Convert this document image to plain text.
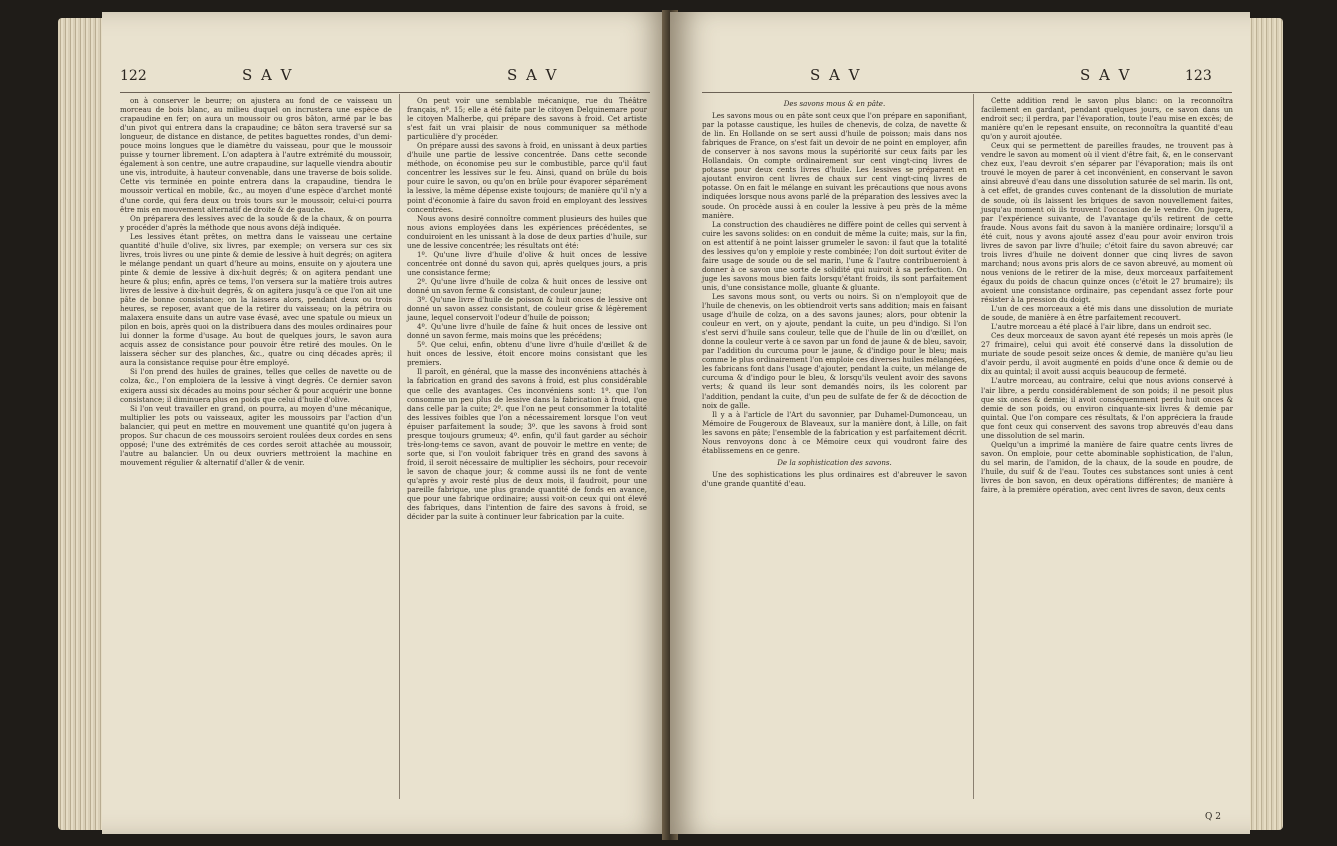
122	S A V	S A V

on à conserver le beurre; on ajustera au fond de ce vaisseau un morceau de bois blanc, au milieu duquel on incrustera une espèce de crapaudine en fer; on aura un moussoir ou gros bâton, armé par le bas d'un pivot qui entrera dans la crapaudine; ce bâton sera traversé sur sa longueur, de distance en distance, de petites baguettes rondes, d'un demi-pouce moins longues que le diamètre du vaisseau, pour que le moussoir puisse y tourner librement. L'on adaptera à l'autre extrémité du moussoir, également à son centre, une autre crapaudine, sur laquelle viendra aboutir une vis, introduite, à hauteur convenable, dans une traverse de bois solide. Cette vis terminée en pointe entrera dans la crapaudine, tiendra le moussoir vertical en mobile, &c., au moyen d'une espèce d'archet monté d'une corde, qui fera deux ou trois tours sur le moussoir, celui-ci pourra être mis en mouvement alternatif de droite & de gauche.

On préparera des lessives avec de la soude & de la chaux, & on pourra y procéder d'après la méthode que nous avons déjà indiquée.

Les lessives étant prêtes, on mettra dans le vaisseau une certaine quantité d'huile d'olive, six livres, par exemple; on versera sur ces six livres, trois livres ou une pinte & demie de lessive à huit degrés; on agitera le mélange pendant un quart d'heure au moins, ensuite on y ajoutera une pinte & demie de lessive à dix-huit degrés; & on agitera pendant une heure & plus; enfin, après ce tems, l'on versera sur la matière trois autres livres de lessive à dix-huit degrés, & on agitera jusqu'à ce que l'on ait une pâte de bonne consistance; on la laissera alors, pendant deux ou trois heures, se reposer, avant que de la retirer du vaisseau; on la pétrira ou malaxera ensuite dans un autre vase évasé, avec une spatule ou mieux un pilon en bois, après quoi on la distribuera dans des moules ordinaires pour lui donner la forme d'usage. Au bout de quelques jours, le savon aura acquis assez de consistance pour pouvoir être retiré des moules. On le laissera sécher sur des planches, &c., quatre ou cinq décades après; il aura la consistance requise pour être employé.

Si l'on prend des huiles de graines, telles que celles de navette ou de colza, &c., l'on emploiera de la lessive à vingt degrés. Ce dernier savon exigera aussi six décades au moins pour sécher & pour acquérir une bonne consistance; il diminuera plus en poids que celui d'huile d'olive.

Si l'on veut travailler en grand, on pourra, au moyen d'une mécanique, multiplier les pots ou vaisseaux, agiter les moussoirs par l'action d'un balancier, qui peut en mettre en mouvement une quantité qu'on jugera à propos. Sur chacun de ces moussoirs seroient roulées deux cordes en sens opposé; l'une des extrémités de ces cordes seroit attachée au moussoir, l'autre au balancier. Un ou deux ouvriers mettroient la machine en mouvement régulier & alternatif d'aller & de venir.

On peut voir une semblable mécanique, rue du Théâtre français, nº. 15; elle a été faite par le citoyen Delquinemare pour le citoyen Malherbe, qui prépare des savons à froid. Cet artiste s'est fait un vrai plaisir de nous communiquer sa méthode particulière d'y procéder.

On prépare aussi des savons à froid, en unissant à deux parties d'huile une partie de lessive concentrée. Dans cette seconde méthode, on économise peu sur le combustible, parce qu'il faut concentrer les lessives sur le feu. Ainsi, quand on brûle du bois pour cuire le savon, ou qu'on en brûle pour évaporer séparément la lessive, la même dépense existe toujours; de manière qu'il n'y a point d'économie à faire du savon froid en employant des lessives concentrées.

Nous avons desiré connoître comment plusieurs des huiles que nous avions employées dans les expériences précédentes, se conduiroient en les unissant à la dose de deux parties d'huile, sur une de lessive concentrée; les résultats ont été:

1º. Qu'une livre d'huile d'olive & huit onces de lessive concentrée ont donné du savon qui, après quelques jours, a pris une consistance ferme;

2º. Qu'une livre d'huile de colza & huit onces de lessive ont donné un savon ferme & consistant, de couleur jaune;

3º. Qu'une livre d'huile de poisson & huit onces de lessive ont donné un savon assez consistant, de couleur grise & légèrement jaune, lequel conservoit l'odeur d'huile de poisson;

4º. Qu'une livre d'huile de faîne & huit onces de lessive ont donné un savon ferme, mais moins que les précédens;

5º. Que celui, enfin, obtenu d'une livre d'huile d'œillet & de huit onces de lessive, étoit encore moins consistant que les premiers.

Il paroît, en général, que la masse des inconvéniens attachés à la fabrication en grand des savons à froid, est plus considérable que celle des avantages. Ces inconvéniens sont: 1º. que l'on consomme un peu plus de lessive dans la fabrication à froid, que dans celle par la cuite; 2º. que l'on ne peut consommer la totalité des lessives foibles que l'on a nécessairement lorsque l'on veut épuiser parfaitement la soude; 3º. que les savons à froid sont presque toujours grumeux; 4º. enfin, qu'il faut garder au séchoir très-long-tems ce savon, avant de pouvoir le mettre en vente; de sorte que, si l'on vouloit fabriquer très en grand des savons à froid, il seroit nécessaire de multiplier les séchoirs, pour recevoir le savon de chaque jour; & comme aussi ils ne font de vente qu'après y avoir resté plus de deux mois, il faudroit, pour une pareille fabrique, une plus grande quantité de fonds en avance, que pour une fabrique ordinaire; aussi voit-on ceux qui ont élevé des fabriques, dans l'intention de faire des savons à froid, se décider par la suite à continuer leur fabrication par la cuite.

S A V	S A V	123

Des savons mous & en pâte.

Les savons mous ou en pâte sont ceux que l'on prépare en saponifiant, par la potasse caustique, les huiles de chenevis, de colza, de navette & de lin. En Hollande on se sert aussi d'huile de poisson; mais dans nos fabriques de France, on s'est fait un devoir de ne point en employer, afin de conserver à nos savons mous la supériorité sur ceux faits par les Hollandais. On compte ordinairement sur cent vingt-cinq livres de potasse pour deux cents livres d'huile. Les lessives se préparent en ajoutant environ cent livres de chaux sur cent vingt-cinq livres de potasse. On en fait le mélange en suivant les précautions que nous avons indiquées lorsque nous avons parlé de la préparation des lessives avec la soude. On procède aussi à en couler la lessive à peu près de la même manière.

La construction des chaudières ne diffère point de celles qui servent à cuire les savons solides: on en conduit de même la cuite; mais, sur la fin, on est attentif à ne point laisser grumeler le savon: il faut que la totalité des lessives qu'on y emploie y reste combinée; l'on doit surtout éviter de faire usage de soude ou de sel marin, l'une & l'autre contribueroient à donner à ce savon une sorte de solidité qui nuiroit à sa perfection. On juge les savons mous bien faits lorsqu'étant froids, ils sont parfaitement unis, d'une consistance molle, gluante & gluante.

Les savons mous sont, ou verts ou noirs. Si on n'employoit que de l'huile de chenevis, on les obtiendroit verts sans addition; mais en faisant usage d'huile de colza, on a des savons jaunes; alors, pour obtenir la couleur en vert, on y ajoute, pendant la cuite, un peu d'indigo. Si l'on s'est servi d'huile sans couleur, telle que de l'huile de lin ou d'œillet, on donne la couleur verte à ce savon par un fond de jaune & de bleu, savoir, par l'addition du curcuma pour le jaune, & d'indigo pour le bleu; mais comme le plus ordinairement l'on emploie ces diverses huiles mélangées, les fabricans font dans l'usage d'ajouter, pendant la cuite, un mélange de curcuma & d'indigo pour le bleu, & lorsqu'ils veulent avoir des savons verts; & quand ils leur sont demandés noirs, ils les colorent par l'addition, pendant la cuite, d'un peu de sulfate de fer & de décoction de noix de galle.

Il y a à l'article de l'Art du savonnier, par Duhamel-Dumonceau, un Mémoire de Fougeroux de Blaveaux, sur la manière dont, à Lille, on fait les savons en pâte; l'ensemble de la fabrication y est parfaitement décrit. Nous renvoyons donc à ce Mémoire ceux qui voudront faire des établissemens en ce genre.

De la sophistication des savons.

Une des sophistications les plus ordinaires est d'abreuver le savon d'une grande quantité d'eau.

Cette addition rend le savon plus blanc: on la reconnoîtra facilement en gardant, pendant quelques jours, ce savon dans un endroit sec; il perdra, par l'évaporation, toute l'eau mise en excès; de manière qu'en le repesant ensuite, on reconnoîtra la quantité d'eau qu'on y auroit ajoutée.

Ceux qui se permettent de pareilles fraudes, ne trouvent pas à vendre le savon au moment où il vient d'être fait, &, en le conservant chez eux, l'eau devroit s'en séparer par l'évaporation; mais ils ont trouvé le moyen de parer à cet inconvénient, en conservant le savon ainsi abreuvé d'eau dans une dissolution saturée de sel marin. Ils ont, à cet effet, de grandes cuves contenant de la dissolution de muriate de soude, où ils laissent les briques de savon nouvellement faites, jusqu'au moment où ils trouvent l'occasion de le vendre. On jugera, par l'expérience suivante, de l'avantage qu'ils retirent de cette fraude. Nous avons fait du savon à la manière ordinaire; lorsqu'il a été cuit, nous y avons ajouté assez d'eau pour avoir environ trois livres de savon par livre d'huile; c'étoit faire du savon abreuvé; car trois livres d'huile ne doivent donner que cinq livres de savon marchand; nous avons pris alors de ce savon abreuvé, au moment où nous venions de le retirer de la mise, deux morceaux parfaitement égaux du poids de chacun quinze onces (c'étoit le 27 brumaire); ils avoient une consistance ordinaire, pas cependant assez forte pour résister à la pression du doigt.

L'un de ces morceaux a été mis dans une dissolution de muriate de soude, de manière à en être parfaitement recouvert.

L'autre morceau a été placé à l'air libre, dans un endroit sec.

Ces deux morceaux de savon ayant été repesés un mois après (le 27 frimaire), celui qui avoit été conservé dans la dissolution de muriate de soude pesoit seize onces & demie, de manière qu'au lieu d'avoir perdu, il avoit augmenté en poids d'une once & demie ou de dix au quintal; il avoit aussi acquis beaucoup de fermeté.

L'autre morceau, au contraire, celui que nous avions conservé à l'air libre, a perdu considérablement de son poids; il ne pesoit plus que six onces & demie; il avoit conséquemment perdu huit onces & demie de son poids, ou environ cinquante-six livres & demie par quintal. Que l'on compare ces résultats, & l'on appréciera la fraude que font ceux qui conservent des savons trop abreuvés d'eau dans une dissolution de sel marin.

Quelqu'un a imprimé la manière de faire quatre cents livres de savon. On emploie, pour cette abominable sophistication, de l'alun, du sel marin, de l'amidon, de la chaux, de la soude en poudre, de l'huile, du suif & de l'eau. Toutes ces substances sont unies à cent livres de bon savon, en deux opérations différentes; de manière à faire, à la première opération, avec cent livres de savon, deux cents

Q 2
